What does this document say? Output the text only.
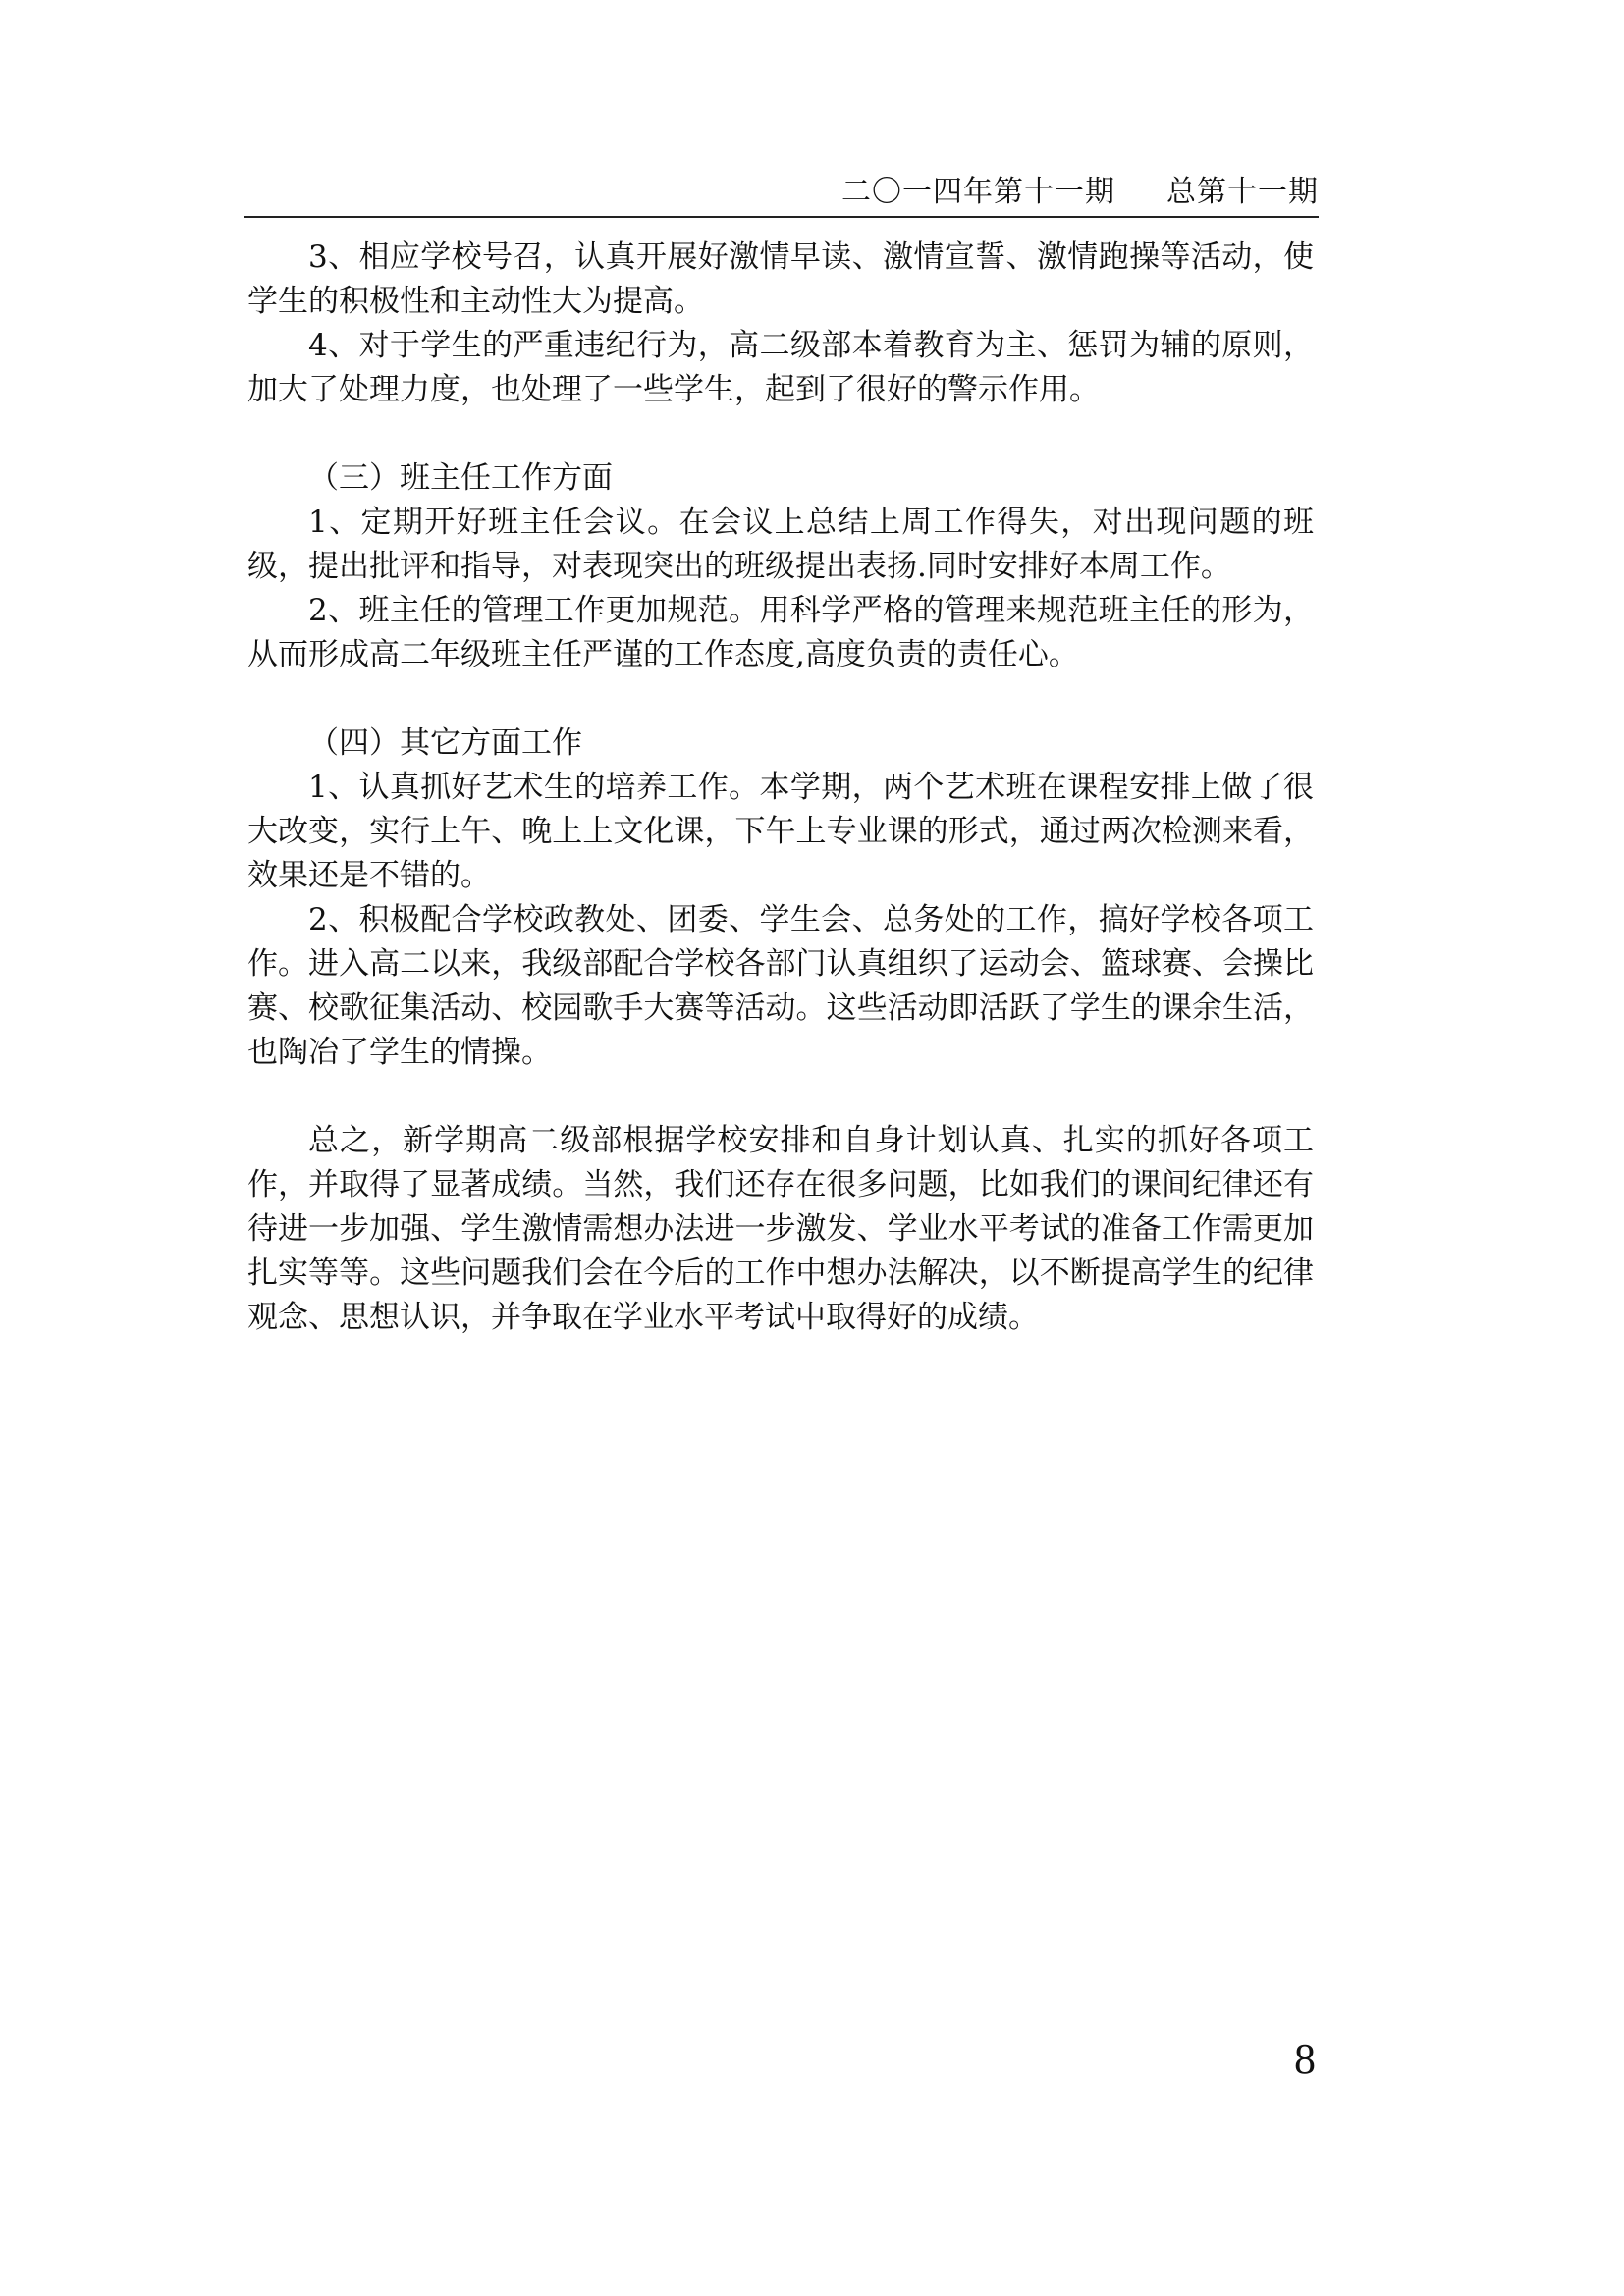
二〇一四年第十一期 总第十一期

3、相应学校号召，认真开展好激情早读、激情宣誓、激情跑操等活动，使学生的积极性和主动性大为提高。

4、对于学生的严重违纪行为，高二级部本着教育为主、惩罚为辅的原则，加大了处理力度，也处理了一些学生，起到了很好的警示作用。

（三）班主任工作方面

1、定期开好班主任会议。在会议上总结上周工作得失，对出现问题的班级，提出批评和指导，对表现突出的班级提出表扬.同时安排好本周工作。

2、班主任的管理工作更加规范。用科学严格的管理来规范班主任的形为，从而形成高二年级班主任严谨的工作态度,高度负责的责任心。

（四）其它方面工作

1、认真抓好艺术生的培养工作。本学期，两个艺术班在课程安排上做了很大改变，实行上午、晚上上文化课，下午上专业课的形式，通过两次检测来看，效果还是不错的。

2、积极配合学校政教处、团委、学生会、总务处的工作，搞好学校各项工作。进入高二以来，我级部配合学校各部门认真组织了运动会、篮球赛、会操比赛、校歌征集活动、校园歌手大赛等活动。这些活动即活跃了学生的课余生活，也陶冶了学生的情操。

总之，新学期高二级部根据学校安排和自身计划认真、扎实的抓好各项工作，并取得了显著成绩。当然，我们还存在很多问题，比如我们的课间纪律还有待进一步加强、学生激情需想办法进一步激发、学业水平考试的准备工作需更加扎实等等。这些问题我们会在今后的工作中想办法解决，以不断提高学生的纪律观念、思想认识，并争取在学业水平考试中取得好的成绩。

8
